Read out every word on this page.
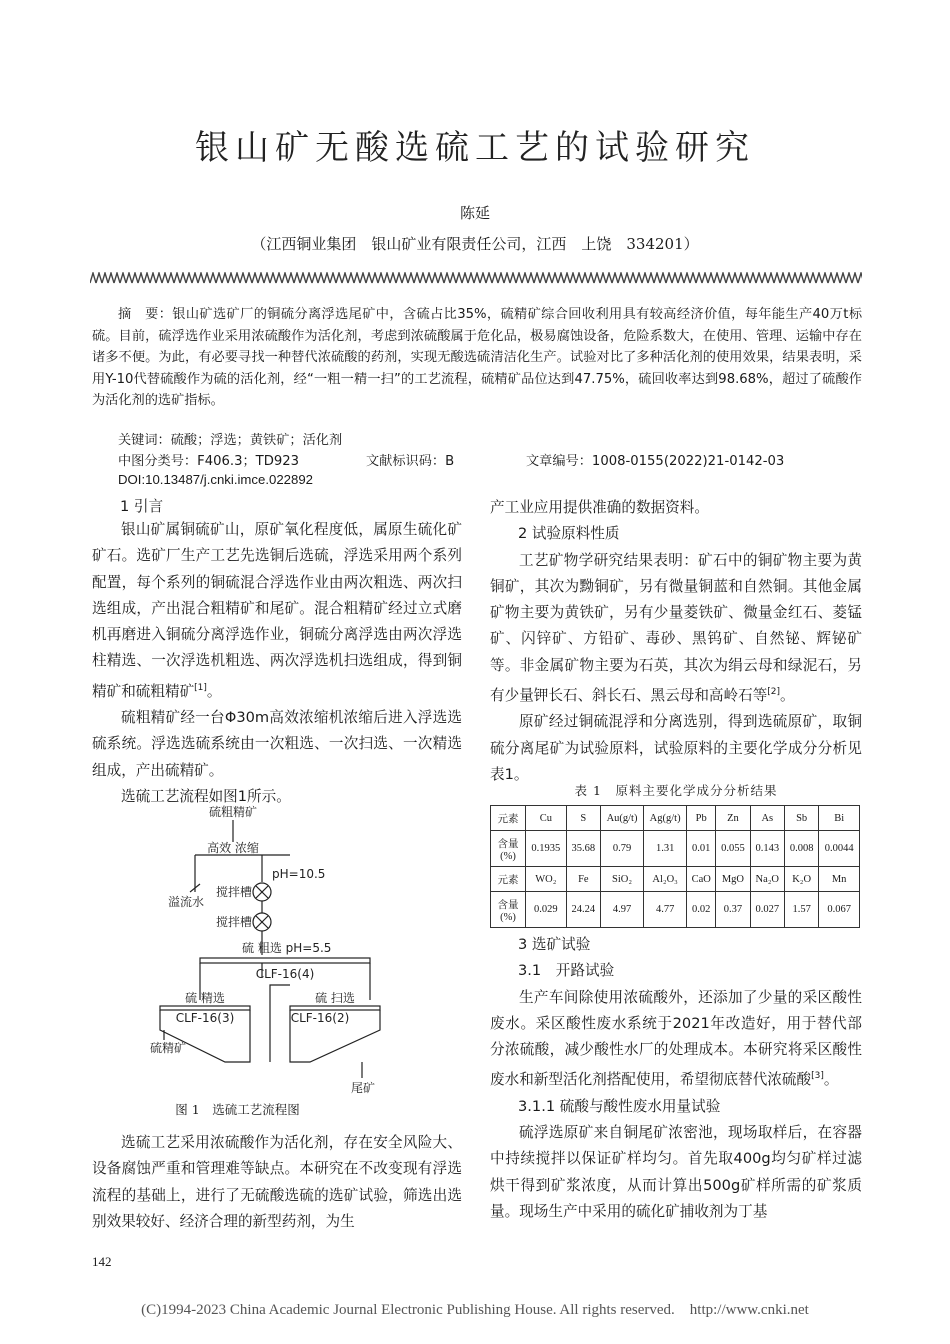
银山矿无酸选硫工艺的试验研究
陈延
（江西铜业集团　银山矿业有限责任公司，江西　上饶　334201）
摘　要：银山矿选矿厂的铜硫分离浮选尾矿中，含硫占比35%，硫精矿综合回收利用具有较高经济价值，每年能生产40万t标硫。目前，硫浮选作业采用浓硫酸作为活化剂，考虑到浓硫酸属于危化品，极易腐蚀设备，危险系数大，在使用、管理、运输中存在诸多不便。为此，有必要寻找一种替代浓硫酸的药剂，实现无酸选硫清洁化生产。试验对比了多种活化剂的使用效果，结果表明，采用Y-10代替硫酸作为硫的活化剂，经“一粗一精一扫”的工艺流程，硫精矿品位达到47.75%，硫回收率达到98.68%，超过了硫酸作为活化剂的选矿指标。
关键词：硫酸；浮选；黄铁矿；活化剂
中图分类号：F406.3；TD923	文献标识码：B	文章编号：1008-0155(2022)21-0142-03
DOI:10.13487/j.cnki.imce.022892
1 引言

银山矿属铜硫矿山，原矿氧化程度低，属原生硫化矿矿石。选矿厂生产工艺先选铜后选硫，浮选采用两个系列配置，每个系列的铜硫混合浮选作业由两次粗选、两次扫选组成，产出混合粗精矿和尾矿。混合粗精矿经过立式磨机再磨进入铜硫分离浮选作业，铜硫分离浮选由两次浮选柱精选、一次浮选机粗选、两次浮选机扫选组成，得到铜精矿和硫粗精矿[1]。

硫粗精矿经一台Φ30m高效浓缩机浓缩后进入浮选选硫系统。浮选选硫系统由一次粗选、一次扫选、一次精选组成，产出硫精矿。

选硫工艺流程如图1所示。

硫粗精矿
高效 浓缩
pH=10.5
溢流水
搅拌槽
搅拌槽
硫 粗选 pH=5.5
CLF-16(4)
硫 精选	硫 扫选
CLF-16(3)	CLF-16(2)
硫精矿
尾矿
图 1　选硫工艺流程图

选硫工艺采用浓硫酸作为活化剂，存在安全风险大、设备腐蚀严重和管理难等缺点。本研究在不改变现有浮选流程的基础上，进行了无硫酸选硫的选矿试验，筛选出选别效果较好、经济合理的新型药剂，为生

产工业应用提供准确的数据资料。
2 试验原料性质

工艺矿物学研究结果表明：矿石中的铜矿物主要为黄铜矿，其次为黝铜矿，另有微量铜蓝和自然铜。其他金属矿物主要为黄铁矿，另有少量菱铁矿、微量金红石、菱锰矿、闪锌矿、方铅矿、毒砂、黑钨矿、自然铋、辉铋矿等。非金属矿物主要为石英，其次为绢云母和绿泥石，另有少量钾长石、斜长石、黑云母和高岭石等[2]。

原矿经过铜硫混浮和分离选别，得到选硫原矿，取铜硫分离尾矿为试验原料，试验原料的主要化学成分分析见表1。

表 1　原料主要化学成分分析结果
元素	Cu	S	Au(g/t)	Ag(g/t)	Pb	Zn	As	Sb	Bi
含量(%)	0.1935	35.68	0.79	1.31	0.01	0.055	0.143	0.008	0.0044
元素	WO₂	Fe	SiO₂	Al₂O₃	CaO	MgO	Na₂O	K₂O	Mn
含量(%)	0.029	24.24	4.97	4.77	0.02	0.37	0.027	1.57	0.067
3 选矿试验
3.1　开路试验

生产车间除使用浓硫酸外，还添加了少量的采区酸性废水。采区酸性废水系统于2021年改造好，用于替代部分浓硫酸，减少酸性水厂的处理成本。本研究将采区酸性废水和新型活化剂搭配使用，希望彻底替代浓硫酸[3]。

3.1.1 硫酸与酸性废水用量试验

硫浮选原矿来自铜尾矿浓密池，现场取样后，在容器中持续搅拌以保证矿样均匀。首先取400g均匀矿样过滤烘干得到矿浆浓度，从而计算出500g矿样所需的矿浆质量。现场生产中采用的硫化矿捕收剂为丁基

142
(C)1994-2023 China Academic Journal Electronic Publishing House. All rights reserved.　http://www.cnki.net
